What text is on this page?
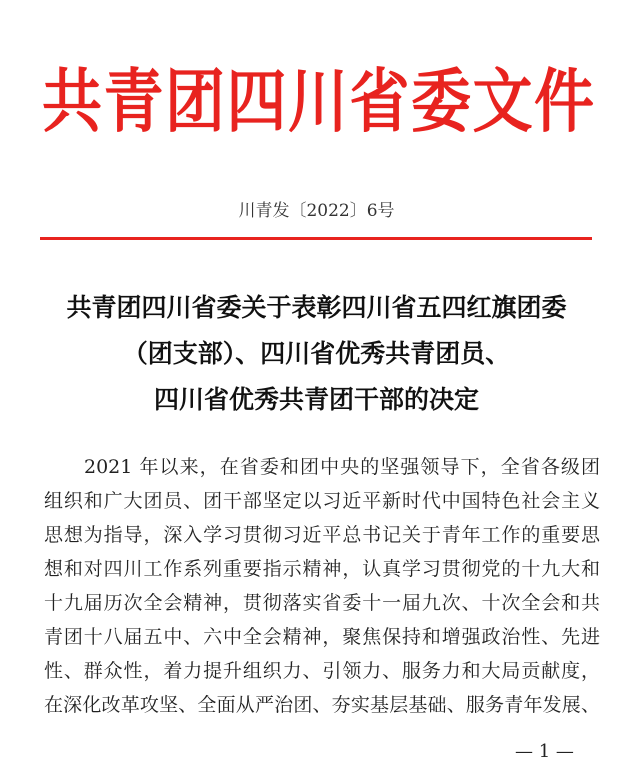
共青团四川省委文件
川青发〔2022〕6号
共青团四川省委关于表彰四川省五四红旗团委
（团支部）、四川省优秀共青团员、
四川省优秀共青团干部的决定
2021 年以来，在省委和团中央的坚强领导下，全省各级团
组织和广大团员、团干部坚定以习近平新时代中国特色社会主义
思想为指导，深入学习贯彻习近平总书记关于青年工作的重要思
想和对四川工作系列重要指示精神，认真学习贯彻党的十九大和
十九届历次全会精神，贯彻落实省委十一届九次、十次全会和共
青团十八届五中、六中全会精神，聚焦保持和增强政治性、先进
性、群众性，着力提升组织力、引领力、服务力和大局贡献度，
在深化改革攻坚、全面从严治团、夯实基层基础、服务青年发展、
— 1 —
